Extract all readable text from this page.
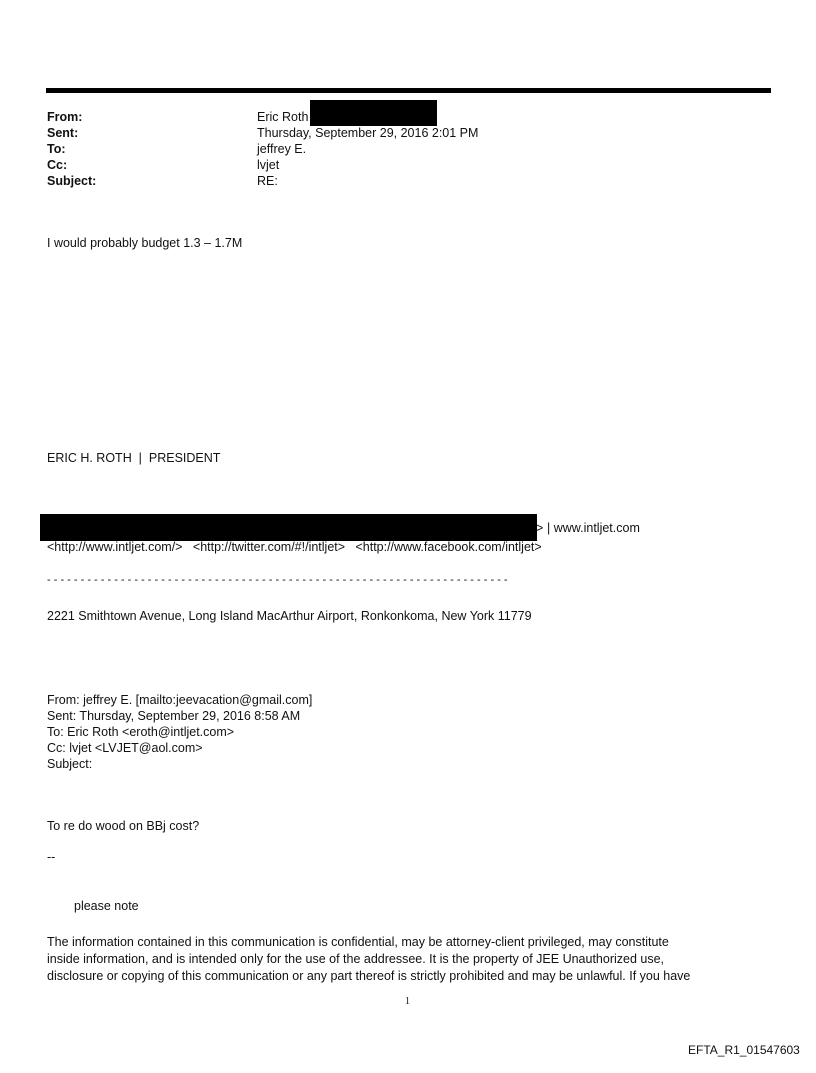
From:	Eric Roth
Sent:	Thursday, September 29, 2016 2:01 PM
To:	jeffrey E.
Cc:	lvjet
Subject:	RE:
I would probably budget 1.3 – 1.7M
ERIC H. ROTH  |  PRESIDENT
> | www.intljet.com
<http://www.intljet.com/>   <http://twitter.com/#!/intljet>   <http://www.facebook.com/intljet>
- - - - - - - - - - - - - - - - - - - - - - - - - - - - - - - - - - - - - - - - - - - - - - - - - - - - - - - - - - - - - - - - - - - - -
2221 Smithtown Avenue, Long Island MacArthur Airport, Ronkonkoma, New York 11779
From: jeffrey E. [mailto:jeevacation@gmail.com]
Sent: Thursday, September 29, 2016 8:58 AM
To: Eric Roth <eroth@intljet.com>
Cc: lvjet <LVJET@aol.com>
Subject:
To re do wood on BBj cost?
--
please note
The information contained in this communication is confidential, may be attorney-client privileged, may constitute
inside information, and is intended only for the use of the addressee. It is the property of JEE Unauthorized use,
disclosure or copying of this communication or any part thereof is strictly prohibited and may be unlawful. If you have
1
EFTA_R1_01547603
